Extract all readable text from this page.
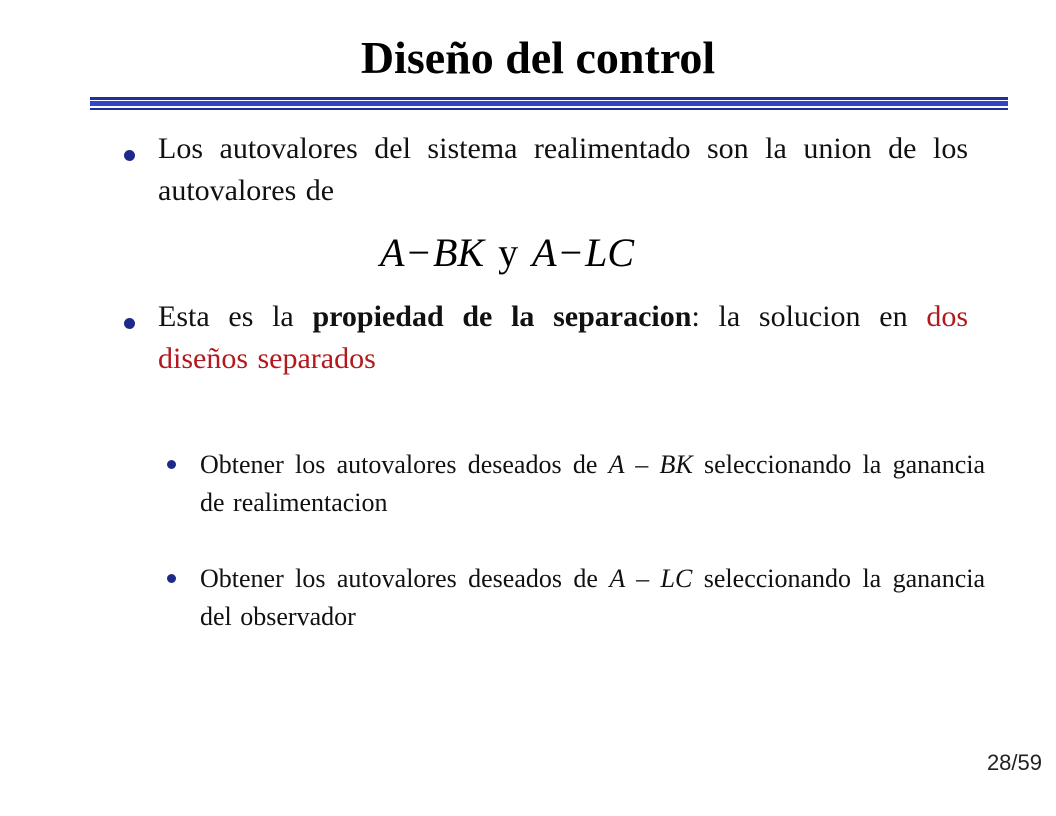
Diseño del control
Los autovalores del sistema realimentado son la union de los autovalores de
A−BK y A−LC
Esta es la propiedad de la separacion: la solucion en dos diseños separados
Obtener los autovalores deseados de A – BK seleccionando la ganancia de realimentacion
Obtener los autovalores deseados de A – LC seleccionando la ganancia del observador
28/59
